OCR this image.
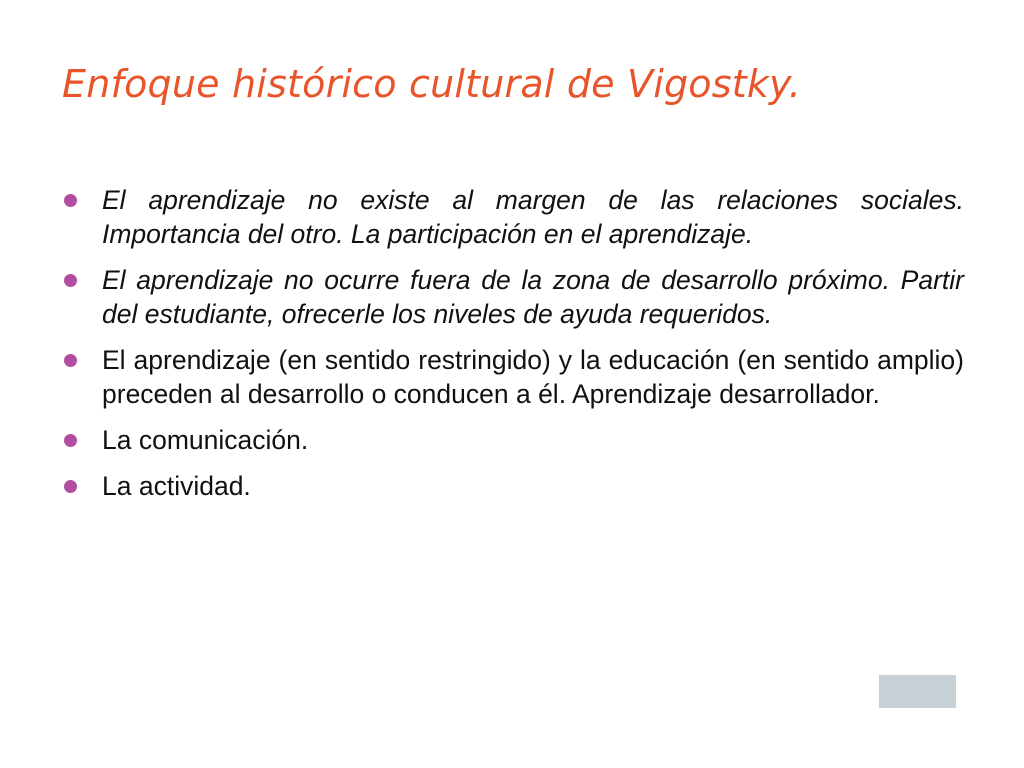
Enfoque histórico cultural de Vigostky.
El aprendizaje no existe al margen de las relaciones sociales. Importancia del otro. La participación en el aprendizaje.
El aprendizaje no ocurre fuera de la zona de desarrollo próximo. Partir del estudiante, ofrecerle los niveles de ayuda requeridos.
El aprendizaje (en sentido restringido) y la educación (en sentido amplio) preceden al desarrollo o conducen a él. Aprendizaje desarrollador.
La comunicación.
La actividad.
